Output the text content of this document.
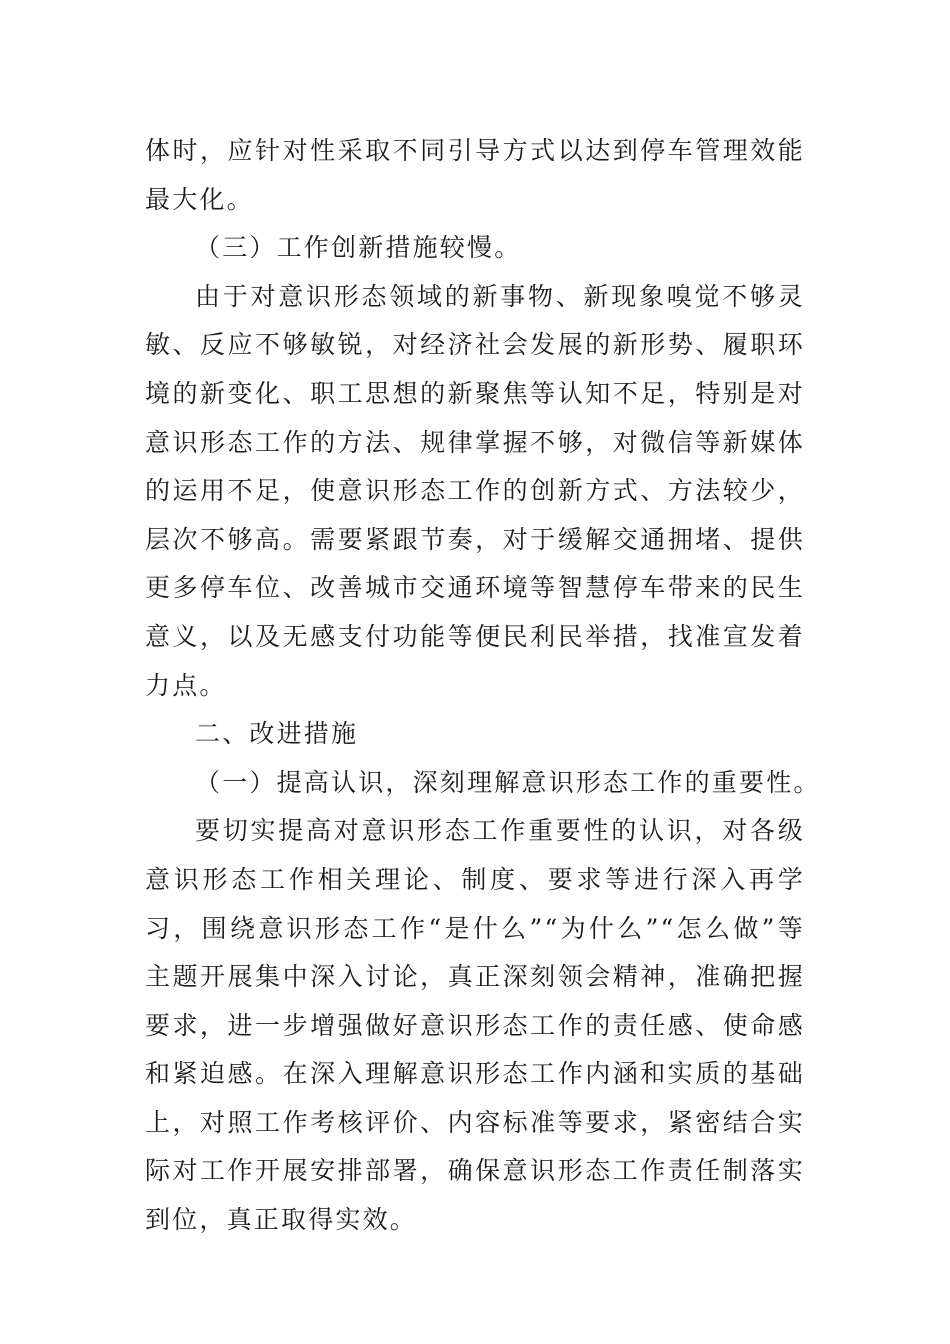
体时，应针对性采取不同引导方式以达到停车管理效能最大化。

（三）工作创新措施较慢。

由于对意识形态领域的新事物、新现象嗅觉不够灵敏、反应不够敏锐，对经济社会发展的新形势、履职环境的新变化、职工思想的新聚焦等认知不足，特别是对意识形态工作的方法、规律掌握不够，对微信等新媒体的运用不足，使意识形态工作的创新方式、方法较少，层次不够高。需要紧跟节奏，对于缓解交通拥堵、提供更多停车位、改善城市交通环境等智慧停车带来的民生意义，以及无感支付功能等便民利民举措，找准宣发着力点。

二、改进措施

（一）提高认识，深刻理解意识形态工作的重要性。

要切实提高对意识形态工作重要性的认识，对各级意识形态工作相关理论、制度、要求等进行深入再学习，围绕意识形态工作“是什么”“为什么”“怎么做”等主题开展集中深入讨论，真正深刻领会精神，准确把握要求，进一步增强做好意识形态工作的责任感、使命感和紧迫感。在深入理解意识形态工作内涵和实质的基础上，对照工作考核评价、内容标准等要求，紧密结合实际对工作开展安排部署，确保意识形态工作责任制落实到位，真正取得实效。
